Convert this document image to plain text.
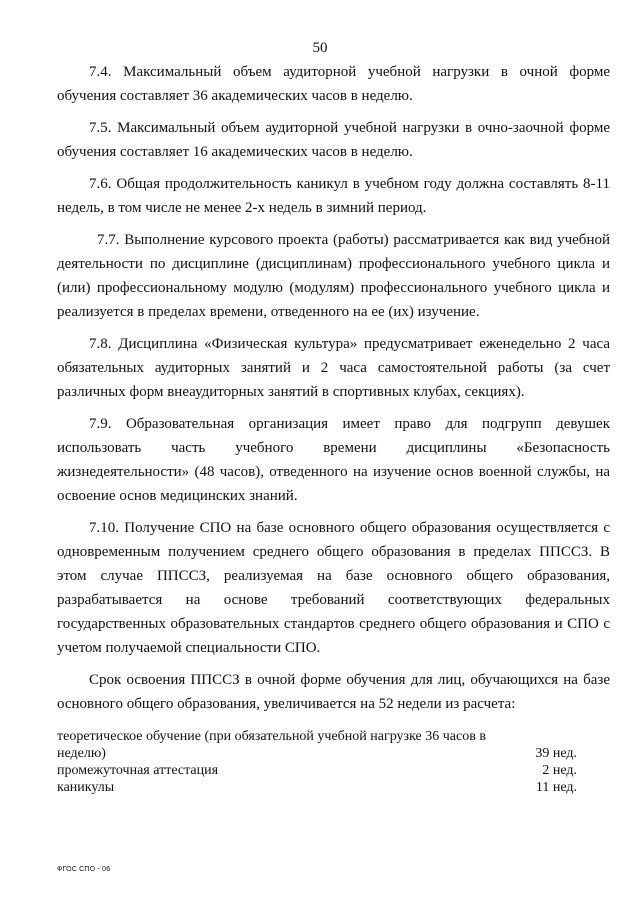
50

7.4. Максимальный объем аудиторной учебной нагрузки в очной форме обучения составляет 36 академических часов в неделю.

7.5. Максимальный объем аудиторной учебной нагрузки в очно-заочной форме обучения составляет 16 академических часов в неделю.

7.6. Общая продолжительность каникул в учебном году должна составлять 8-11 недель, в том числе не менее 2-х недель в зимний период.

7.7. Выполнение курсового проекта (работы) рассматривается как вид учебной деятельности по дисциплине (дисциплинам) профессионального учебного цикла и (или) профессиональному модулю (модулям) профессионального учебного цикла и реализуется в пределах времени, отведенного на ее (их) изучение.

7.8. Дисциплина «Физическая культура» предусматривает еженедельно 2 часа обязательных аудиторных занятий и 2 часа самостоятельной работы (за счет различных форм внеаудиторных занятий в спортивных клубах, секциях).

7.9. Образовательная организация имеет право для подгрупп девушек использовать часть учебного времени дисциплины «Безопасность жизнедеятельности» (48 часов), отведенного на изучение основ военной службы, на освоение основ медицинских знаний.

7.10. Получение СПО на базе основного общего образования осуществляется с одновременным получением среднего общего образования в пределах ППССЗ. В этом случае ППССЗ, реализуемая на базе основного общего образования, разрабатывается на основе требований соответствующих федеральных государственных образовательных стандартов среднего общего образования и СПО с учетом получаемой специальности СПО.

Срок освоения ППССЗ в очной форме обучения для лиц, обучающихся на базе основного общего образования, увеличивается на 52 недели из расчета:

теоретическое обучение (при обязательной учебной нагрузке 36 часов в неделю)	39 нед.
промежуточная аттестация	2 нед.
каникулы	11 нед.
ФГОС СПО - 06
